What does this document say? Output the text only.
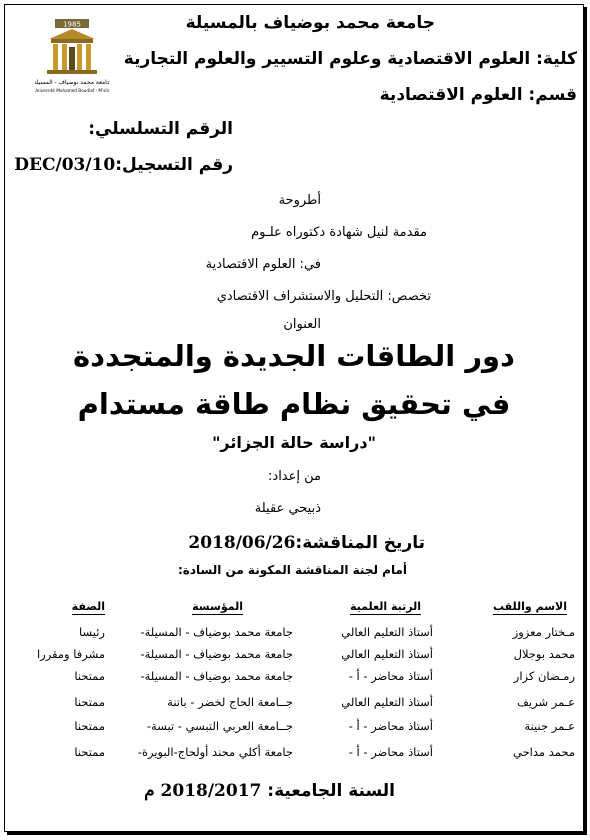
1985
جامعة محمد بوضياف - المسيلة
Université Mohamed Boudiaf - M'sila
جامعة محمد بوضياف بالمسيلة
كلية: العلوم الاقتصادية وعلوم التسيير والعلوم التجارية
قسم: العلوم الاقتصادية
الرقم التسلسلي:
رقم التسجيل:DEC/03/10
أطروحة
مقدمة لنيل شهادة دكتوراه علـوم
في: العلوم الاقتصادية
تخصص: التحليل والاستشراف الاقتصادي
العنوان
دور الطاقات الجديدة والمتجددة
في تحقيق نظام طاقة مستدام
"دراسة حالة الجزائر"
من إعداد:
ذبيحي عقيلة
تاريخ المناقشة:2018/06/26
أمام لجنة المناقشة المكونة من السادة:
الاسم واللقب
الرتبة العلمية
المؤسسة
الصفة
مـختار معزوز
أستاذ التعليم العالي
جامعة محمد بوضياف - المسيلة-
رئيسا
محمد بوجلال
أستاذ التعليم العالي
جامعة محمد بوضياف - المسيلة-
مشرفا ومقررا
رمـضان كزار
أستاذ محاضر - أ -
جامعة محمد بوضياف - المسيلة-
ممتحنا
عـمر شريف
أستاذ التعليم العالي
جــامعة الحاج لخضر - باتنة
ممتحنا
عـمر جنينة
أستاذ محاضر - أ -
جــامعة العربي التبسي - تبسة-
ممتحنا
محمد مداحي
أستاذ محاضر - أ -
جامعة أكلي محند أولحاج-البويرة-
ممتحنا
السنة الجامعية: 2018/2017 م
